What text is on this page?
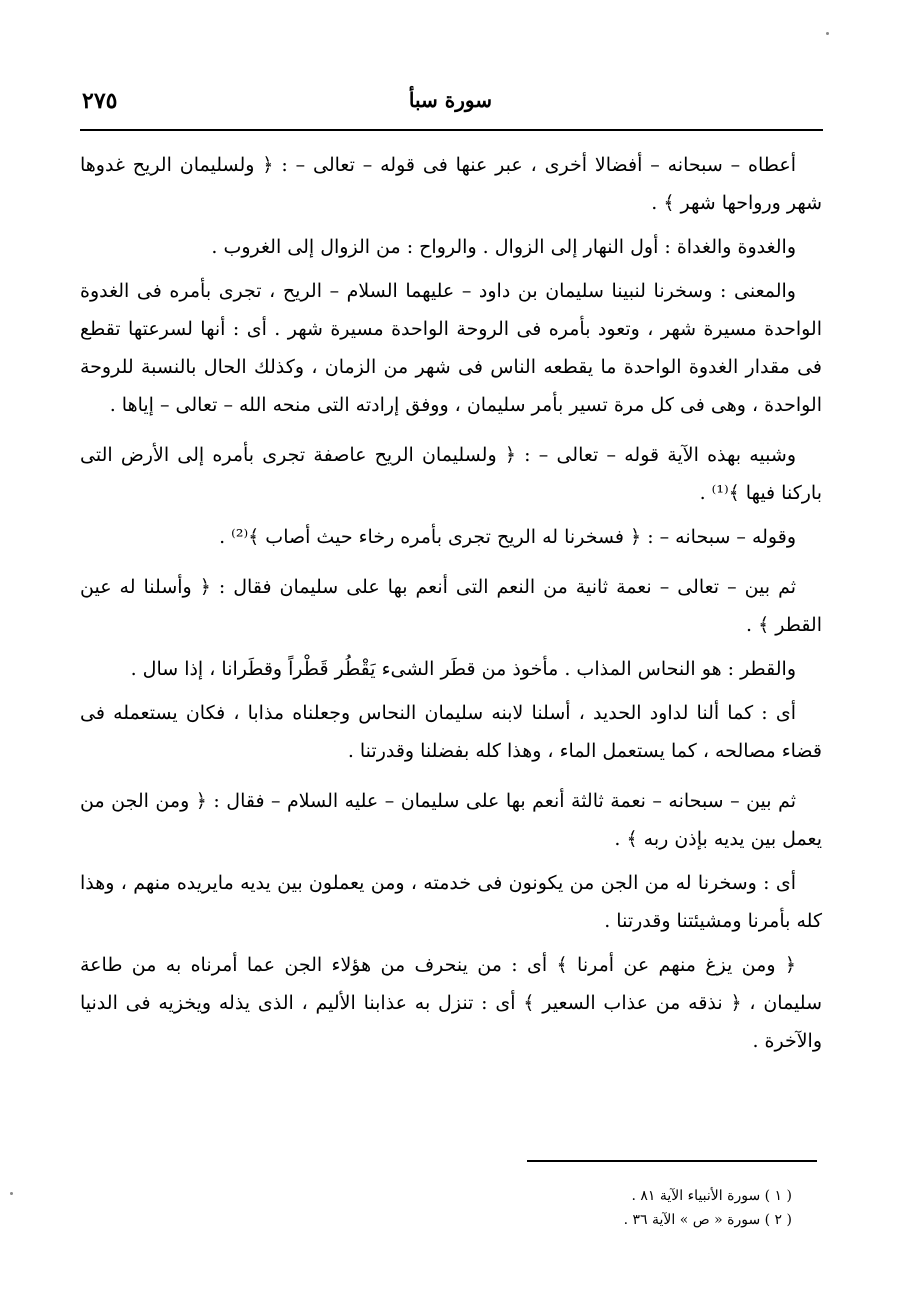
سورة سبأ
٢٧٥

أعطاه – سبحانه – أفضالا أخرى ، عبر عنها فى قوله – تعالى – : ﴿ ولسليمان الريح غدوها شهر ورواحها شهر ﴾ .

والغدوة والغداة : أول النهار إلى الزوال . والرواح : من الزوال إلى الغروب .

والمعنى : وسخرنا لنبينا سليمان بن داود – عليهما السلام – الريح ، تجرى بأمره فى الغدوة الواحدة مسيرة شهر ، وتعود بأمره فى الروحة الواحدة مسيرة شهر . أى : أنها لسرعتها تقطع فى مقدار الغدوة الواحدة ما يقطعه الناس فى شهر من الزمان ، وكذلك الحال بالنسبة للروحة الواحدة ، وهى فى كل مرة تسير بأمر سليمان ، ووفق إرادته التى منحه الله – تعالى – إياها .

وشبيه بهذه الآية قوله – تعالى – : ﴿ ولسليمان الريح عاصفة تجرى بأمره إلى الأرض التى باركنا فيها ﴾⁽¹⁾ .

وقوله – سبحانه – : ﴿ فسخرنا له الريح تجرى بأمره رخاء حيث أصاب ﴾⁽²⁾ .

ثم بين – تعالى – نعمة ثانية من النعم التى أنعم بها على سليمان فقال : ﴿ وأسلنا له عين القطر ﴾ .

والقطر : هو النحاس المذاب . مأخوذ من قطَر الشىء يَقْطُر قَطْراً وقطَرانا ، إذا سال .

أى : كما ألنا لداود الحديد ، أسلنا لابنه سليمان النحاس وجعلناه مذابا ، فكان يستعمله فى قضاء مصالحه ، كما يستعمل الماء ، وهذا كله بفضلنا وقدرتنا .

ثم بين – سبحانه – نعمة ثالثة أنعم بها على سليمان – عليه السلام – فقال : ﴿ ومن الجن من يعمل بين يديه بإذن ربه ﴾ .

أى : وسخرنا له من الجن من يكونون فى خدمته ، ومن يعملون بين يديه مايريده منهم ، وهذا كله بأمرنا ومشيئتنا وقدرتنا .

﴿ ومن يزغ منهم عن أمرنا ﴾ أى : من ينحرف من هؤلاء الجن عما أمرناه به من طاعة سليمان ، ﴿ نذقه من عذاب السعير ﴾ أى : تنزل به عذابنا الأليم ، الذى يذله ويخزيه فى الدنيا والآخرة .

( ١ ) سورة الأنبياء الآية ٨١ .
( ٢ ) سورة « ص » الآية ٣٦ .
